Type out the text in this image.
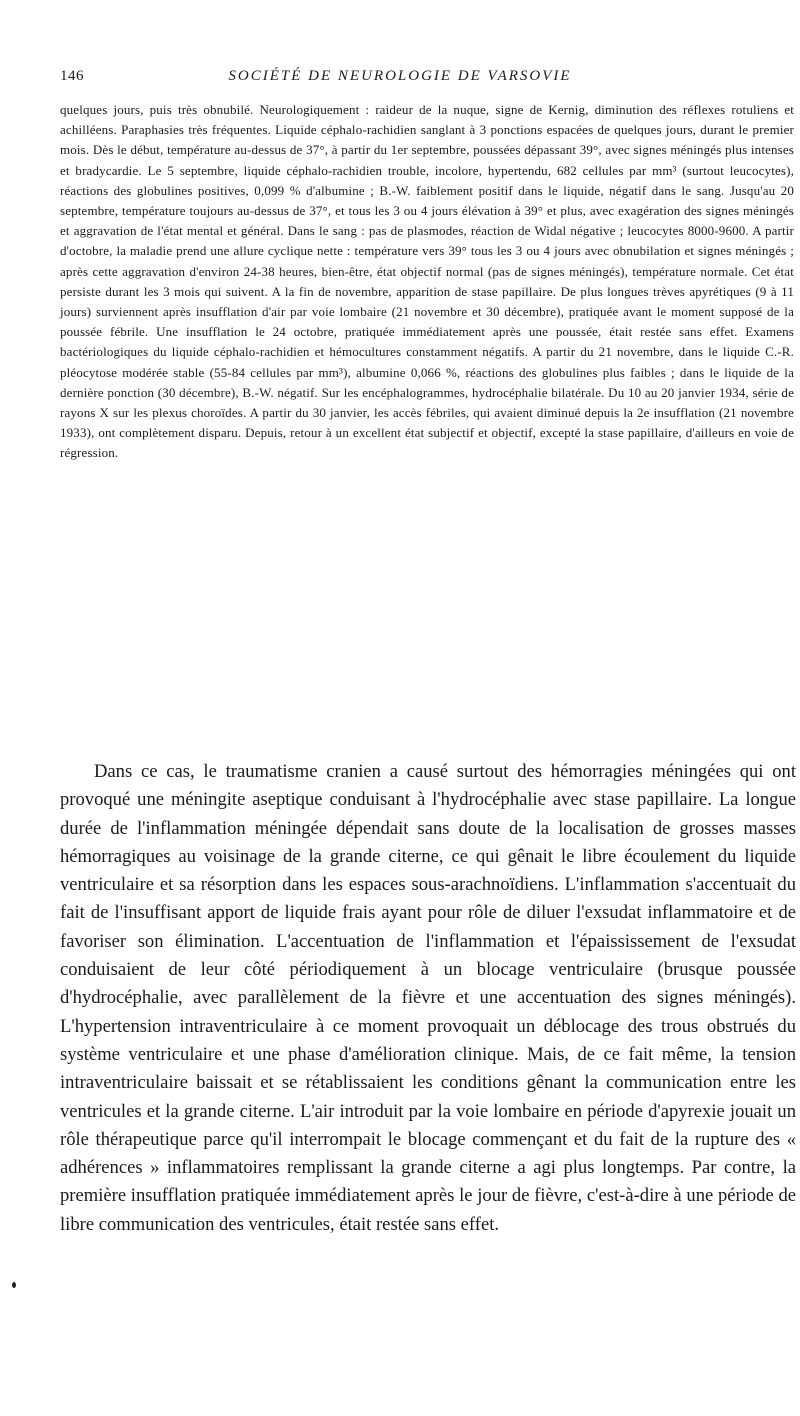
146	SOCIÉTÉ DE NEUROLOGIE DE VARSOVIE
quelques jours, puis très obnubilé. Neurologiquement : raideur de la nuque, signe de Kernig, diminution des réflexes rotuliens et achilléens. Paraphasies très fréquentes. Liquide céphalo-rachidien sanglant à 3 ponctions espacées de quelques jours, durant le premier mois. Dès le début, température au-dessus de 37°, à partir du 1er septembre, poussées dépassant 39°, avec signes méningés plus intenses et bradycardie. Le 5 septembre, liquide céphalo-rachidien trouble, incolore, hypertendu, 682 cellules par mm³ (surtout leucocytes), réactions des globulines positives, 0,099 % d'albumine ; B.-W. faiblement positif dans le liquide, négatif dans le sang. Jusqu'au 20 septembre, température toujours au-dessus de 37°, et tous les 3 ou 4 jours élévation à 39° et plus, avec exagération des signes méningés et aggravation de l'état mental et général. Dans le sang : pas de plasmodes, réaction de Widal négative ; leucocytes 8000-9600. A partir d'octobre, la maladie prend une allure cyclique nette : température vers 39° tous les 3 ou 4 jours avec obnubilation et signes méningés ; après cette aggravation d'environ 24-38 heures, bien-être, état objectif normal (pas de signes méningés), température normale. Cet état persiste durant les 3 mois qui suivent. A la fin de novembre, apparition de stase papillaire. De plus longues trèves apyrétiques (9 à 11 jours) surviennent après insufflation d'air par voie lombaire (21 novembre et 30 décembre), pratiquée avant le moment supposé de la poussée fébrile. Une insufflation le 24 octobre, pratiquée immédiatement après une poussée, était restée sans effet. Examens bactériologiques du liquide céphalo-rachidien et hémocultures constamment négatifs. A partir du 21 novembre, dans le liquide C.-R. pléocytose modérée stable (55-84 cellules par mm³), albumine 0,066 %, réactions des globulines plus faibles ; dans le liquide de la dernière ponction (30 décembre), B.-W. négatif. Sur les encéphalogrammes, hydrocéphalie bilatérale. Du 10 au 20 janvier 1934, série de rayons X sur les plexus choroïdes. A partir du 30 janvier, les accès fébriles, qui avaient diminué depuis la 2e insufflation (21 novembre 1933), ont complètement disparu. Depuis, retour à un excellent état subjectif et objectif, excepté la stase papillaire, d'ailleurs en voie de régression.
Dans ce cas, le traumatisme cranien a causé surtout des hémorragies méningées qui ont provoqué une méningite aseptique conduisant à l'hydrocéphalie avec stase papillaire. La longue durée de l'inflammation méningée dépendait sans doute de la localisation de grosses masses hémorragiques au voisinage de la grande citerne, ce qui gênait le libre écoulement du liquide ventriculaire et sa résorption dans les espaces sous-arachnoïdiens. L'inflammation s'accentuait du fait de l'insuffisant apport de liquide frais ayant pour rôle de diluer l'exsudat inflammatoire et de favoriser son élimination. L'accentuation de l'inflammation et l'épaississement de l'exsudat conduisaient de leur côté périodiquement à un blocage ventriculaire (brusque poussée d'hydrocéphalie, avec parallèlement de la fièvre et une accentuation des signes méningés). L'hypertension intraventriculaire à ce moment provoquait un déblocage des trous obstrués du système ventriculaire et une phase d'amélioration clinique. Mais, de ce fait même, la tension intraventriculaire baissait et se rétablissaient les conditions gênant la communication entre les ventricules et la grande citerne. L'air introduit par la voie lombaire en période d'apyrexie jouait un rôle thérapeutique parce qu'il interrompait le blocage commençant et du fait de la rupture des « adhérences » inflammatoires remplissant la grande citerne a agi plus longtemps. Par contre, la première insufflation pratiquée immédiatement après le jour de fièvre, c'est-à-dire à une période de libre communication des ventricules, était restée sans effet.
